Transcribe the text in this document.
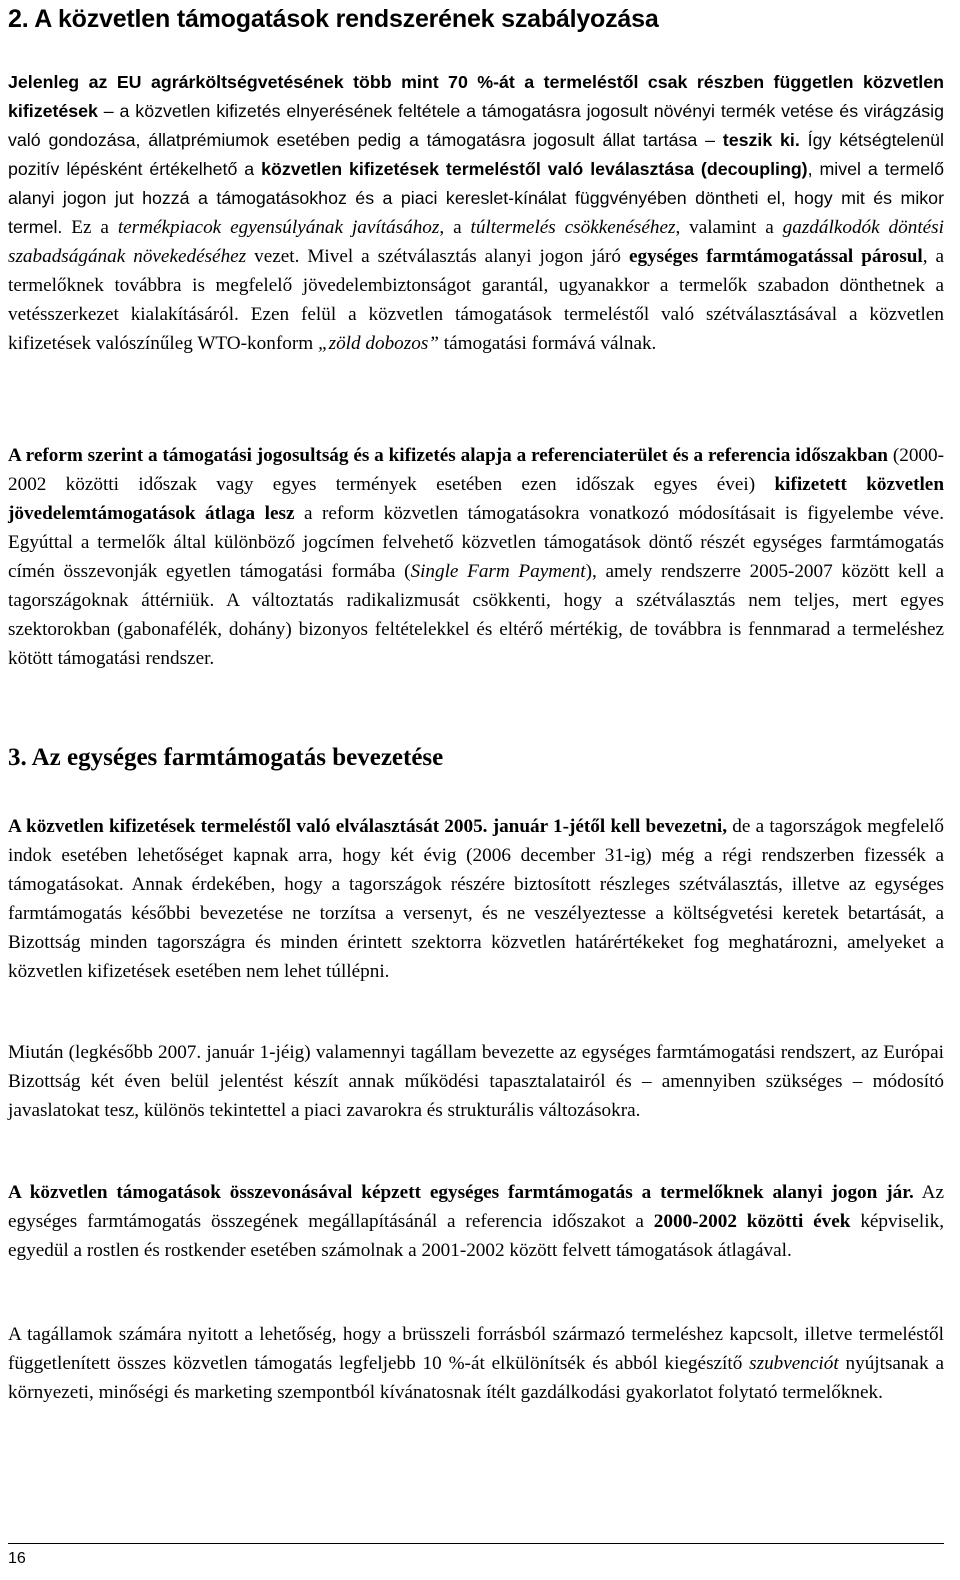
2. A közvetlen támogatások rendszerének szabályozása

Jelenleg az EU agrárköltségvetésének több mint 70 %-át a termeléstől csak részben független közvetlen kifizetések – a közvetlen kifizetés elnyerésének feltétele a támogatásra jogosult növényi termék vetése és virágzásig való gondozása, állatprémiumok esetében pedig a támogatásra jogosult állat tartása – teszik ki. Így kétségtelenül pozitív lépésként értékelhető a közvetlen kifizetések termeléstől való leválasztása (decoupling), mivel a termelő alanyi jogon jut hozzá a támogatásokhoz és a piaci kereslet-kínálat függvényében döntheti el, hogy mit és mikor termel. Ez a termékpiacok egyensúlyának javításához, a túltermelés csökkenéséhez, valamint a gazdálkodók döntési szabadságának növekedéséhez vezet. Mivel a szétválasztás alanyi jogon járó egységes farmtámogatással párosul, a termelőknek továbbra is megfelelő jövedelembiztonságot garantál, ugyanakkor a termelők szabadon dönthetnek a vetésszerkezet kialakításáról. Ezen felül a közvetlen támogatások termeléstől való szétválasztásával a közvetlen kifizetések valószínűleg WTO-konform „zöld dobozos” támogatási formává válnak.

A reform szerint a támogatási jogosultság és a kifizetés alapja a referenciaterület és a referencia időszakban (2000-2002 közötti időszak vagy egyes termények esetében ezen időszak egyes évei) kifizetett közvetlen jövedelemtámogatások átlaga lesz a reform közvetlen támogatásokra vonatkozó módosításait is figyelembe véve. Egyúttal a termelők által különböző jogcímen felvehető közvetlen támogatások döntő részét egységes farmtámogatás címén összevonják egyetlen támogatási formába (Single Farm Payment), amely rendszerre 2005-2007 között kell a tagországoknak áttérniük. A változtatás radikalizmusát csökkenti, hogy a szétválasztás nem teljes, mert egyes szektorokban (gabonafélék, dohány) bizonyos feltételekkel és eltérő mértékig, de továbbra is fennmarad a termeléshez kötött támogatási rendszer.

3. Az egységes farmtámogatás bevezetése

A közvetlen kifizetések termeléstől való elválasztását 2005. január 1-jétől kell bevezetni, de a tagországok megfelelő indok esetében lehetőséget kapnak arra, hogy két évig (2006 december 31-ig) még a régi rendszerben fizessék a támogatásokat. Annak érdekében, hogy a tagországok részére biztosított részleges szétválasztás, illetve az egységes farmtámogatás későbbi bevezetése ne torzítsa a versenyt, és ne veszélyeztesse a költségvetési keretek betartását, a Bizottság minden tagországra és minden érintett szektorra közvetlen határértékeket fog meghatározni, amelyeket a közvetlen kifizetések esetében nem lehet túllépni.

Miután (legkésőbb 2007. január 1-jéig) valamennyi tagállam bevezette az egységes farmtámogatási rendszert, az Európai Bizottság két éven belül jelentést készít annak működési tapasztalatairól és – amennyiben szükséges – módosító javaslatokat tesz, különös tekintettel a piaci zavarokra és strukturális változásokra.

A közvetlen támogatások összevonásával képzett egységes farmtámogatás a termelőknek alanyi jogon jár. Az egységes farmtámogatás összegének megállapításánál a referencia időszakot a 2000-2002 közötti évek képviselik, egyedül a rostlen és rostkender esetében számolnak a 2001-2002 között felvett támogatások átlagával.

A tagállamok számára nyitott a lehetőség, hogy a brüsszeli forrásból származó termeléshez kapcsolt, illetve termeléstől függetlenített összes közvetlen támogatás legfeljebb 10 %-át elkülönítsék és abból kiegészítő szubvenciót nyújtsanak a környezeti, minőségi és marketing szempontból kívánatosnak ítélt gazdálkodási gyakorlatot folytató termelőknek.

16
